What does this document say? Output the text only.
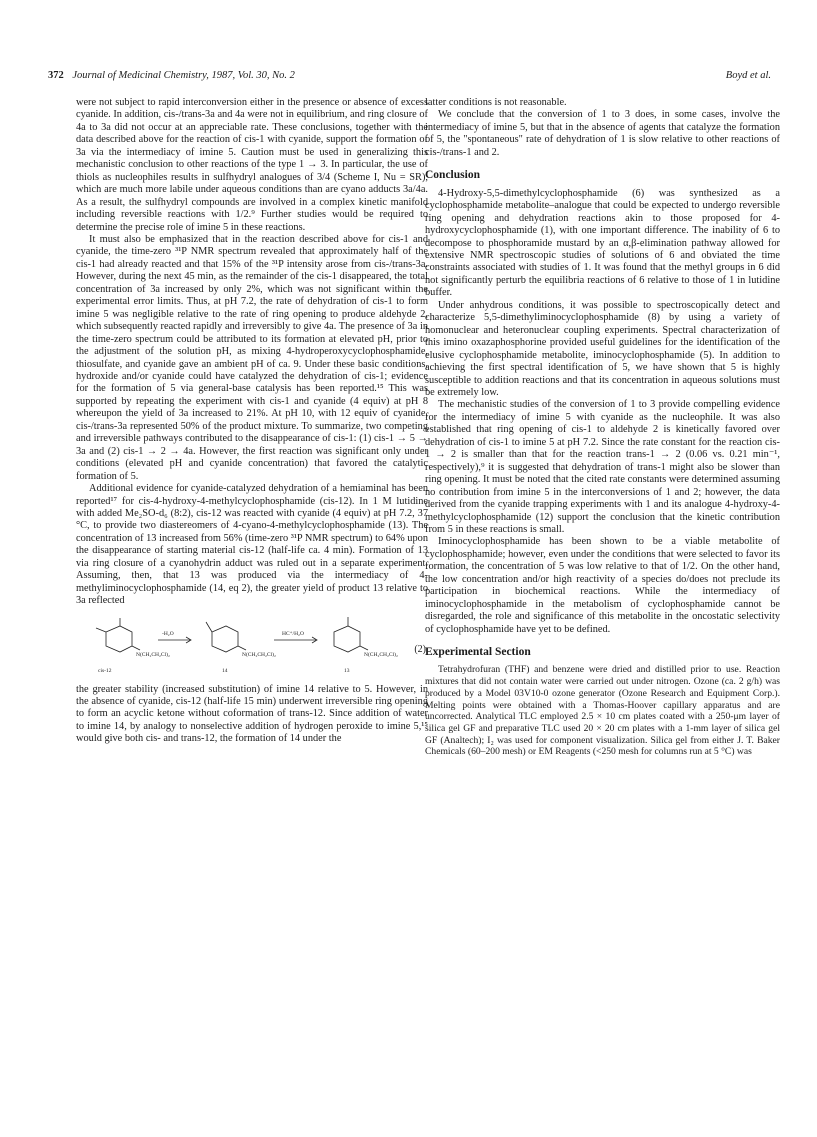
372 Journal of Medicinal Chemistry, 1987, Vol. 30, No. 2	Boyd et al.

were not subject to rapid interconversion either in the presence or absence of excess cyanide. In addition, cis-/trans-3a and 4a were not in equilibrium, and ring closure of 4a to 3a did not occur at an appreciable rate. These conclusions, together with the data described above for the reaction of cis-1 with cyanide, support the formation of 3a via the intermediacy of imine 5. Caution must be used in generalizing this mechanistic conclusion to other reactions of the type 1 → 3. In particular, the use of thiols as nucleophiles results in sulfhydryl analogues of 3/4 (Scheme I, Nu = SR), which are much more labile under aqueous conditions than are cyano adducts 3a/4a. As a result, the sulfhydryl compounds are involved in a complex kinetic manifold including reversible reactions with 1/2.⁹ Further studies would be required to determine the precise role of imine 5 in these reactions.

It must also be emphasized that in the reaction described above for cis-1 and cyanide, the time-zero ³¹P NMR spectrum revealed that approximately half of the cis-1 had already reacted and that 15% of the ³¹P intensity arose from cis-/trans-3a. However, during the next 45 min, as the remainder of the cis-1 disappeared, the total concentration of 3a increased by only 2%, which was not significant within the experimental error limits. Thus, at pH 7.2, the rate of dehydration of cis-1 to form imine 5 was negligible relative to the rate of ring opening to produce aldehyde 2, which subsequently reacted rapidly and irreversibly to give 4a. The presence of 3a in the time-zero spectrum could be attributed to its formation at elevated pH, prior to the adjustment of the solution pH, as mixing 4-hydroperoxycyclophosphamide, thiosulfate, and cyanide gave an ambient pH of ca. 9. Under these basic conditions, hydroxide and/or cyanide could have catalyzed the dehydration of cis-1; evidence for the formation of 5 via general-base catalysis has been reported.¹⁵ This was supported by repeating the experiment with cis-1 and cyanide (4 equiv) at pH 8 whereupon the yield of 3a increased to 21%. At pH 10, with 12 equiv of cyanide, cis-/trans-3a represented 50% of the product mixture. To summarize, two competing and irreversible pathways contributed to the disappearance of cis-1: (1) cis-1 → 5 → 3a and (2) cis-1 → 2 → 4a. However, the first reaction was significant only under conditions (elevated pH and cyanide concentration) that favored the catalytic formation of 5.

Additional evidence for cyanide-catalyzed dehydration of a hemiaminal has been reported¹⁷ for cis-4-hydroxy-4-methylcyclophosphamide (cis-12). In 1 M lutidine with added Me₂SO-d₆ (8:2), cis-12 was reacted with cyanide (4 equiv) at pH 7.2, 37 °C, to provide two diastereomers of 4-cyano-4-methylcyclophosphamide (13). The concentration of 13 increased from 56% (time-zero ³¹P NMR spectrum) to 64% upon the disappearance of starting material cis-12 (half-life ca. 4 min). Formation of 13 via ring closure of a cyanohydrin adduct was ruled out in a separate experiment. Assuming, then, that 13 was produced via the intermediacy of 4-methyliminocyclophosphamide (14, eq 2), the greater yield of product 13 relative to 3a reflected

-H₂O	HC⁺/H₂O
N(CH₂CH₂Cl)₂	N(CH₂CH₂Cl)₂	N(CH₂CH₂Cl)₂
cis-12	14	13
(2)

the greater stability (increased substitution) of imine 14 relative to 5. However, in the absence of cyanide, cis-12 (half-life 15 min) underwent irreversible ring opening to form an acyclic ketone without coformation of trans-12. Since addition of water to imine 14, by analogy to nonselective addition of hydrogen peroxide to imine 5,¹⁵ would give both cis- and trans-12, the formation of 14 under the

latter conditions is not reasonable.

We conclude that the conversion of 1 to 3 does, in some cases, involve the intermediacy of imine 5, but that in the absence of agents that catalyze the formation of 5, the "spontaneous" rate of dehydration of 1 is slow relative to other reactions of cis-/trans-1 and 2.

Conclusion

4-Hydroxy-5,5-dimethylcyclophosphamide (6) was synthesized as a cyclophosphamide metabolite–analogue that could be expected to undergo reversible ring opening and dehydration reactions akin to those proposed for 4-hydroxycyclophosphamide (1), with one important difference. The inability of 6 to decompose to phosphoramide mustard by an α,β-elimination pathway allowed for extensive NMR spectroscopic studies of solutions of 6 and obviated the time constraints associated with studies of 1. It was found that the methyl groups in 6 did not significantly perturb the equilibria reactions of 6 relative to those of 1 in lutidine buffer.

Under anhydrous conditions, it was possible to spectroscopically detect and characterize 5,5-dimethyliminocyclophosphamide (8) by using a variety of homonuclear and heteronuclear coupling experiments. Spectral characterization of this imino oxazaphosphorine provided useful guidelines for the identification of the elusive cyclophosphamide metabolite, iminocyclophosphamide (5). In addition to achieving the first spectral identification of 5, we have shown that 5 is highly susceptible to addition reactions and that its concentration in aqueous solutions must be extremely low.

The mechanistic studies of the conversion of 1 to 3 provide compelling evidence for the intermediacy of imine 5 with cyanide as the nucleophile. It was also established that ring opening of cis-1 to aldehyde 2 is kinetically favored over dehydration of cis-1 to imine 5 at pH 7.2. Since the rate constant for the reaction cis-1 → 2 is smaller than that for the reaction trans-1 → 2 (0.06 vs. 0.21 min⁻¹, respectively),⁹ it is suggested that dehydration of trans-1 might also be slower than ring opening. It must be noted that the cited rate constants were determined assuming no contribution from imine 5 in the interconversions of 1 and 2; however, the data derived from the cyanide trapping experiments with 1 and its analogue 4-hydroxy-4-methylcyclophosphamide (12) support the conclusion that the kinetic contribution from 5 in these reactions is small.

Iminocyclophosphamide has been shown to be a viable metabolite of cyclophosphamide; however, even under the conditions that were selected to favor its formation, the concentration of 5 was low relative to that of 1/2. On the other hand, the low concentration and/or high reactivity of a species do/does not preclude its participation in biochemical reactions. While the intermediacy of iminocyclophosphamide in the metabolism of cyclophosphamide cannot be disregarded, the role and significance of this metabolite in the oncostatic selectivity of cyclophosphamide have yet to be defined.

Experimental Section

Tetrahydrofuran (THF) and benzene were dried and distilled prior to use. Reaction mixtures that did not contain water were carried out under nitrogen. Ozone (ca. 2 g/h) was produced by a Model 03V10-0 ozone generator (Ozone Research and Equipment Corp.). Melting points were obtained with a Thomas-Hoover capillary apparatus and are uncorrected. Analytical TLC employed 2.5 × 10 cm plates coated with a 250-μm layer of silica gel GF and preparative TLC used 20 × 20 cm plates with a 1-mm layer of silica gel GF (Analtech); I₂ was used for component visualization. Silica gel from either J. T. Baker Chemicals (60–200 mesh) or EM Reagents (<250 mesh for columns run at 5 °C) was
